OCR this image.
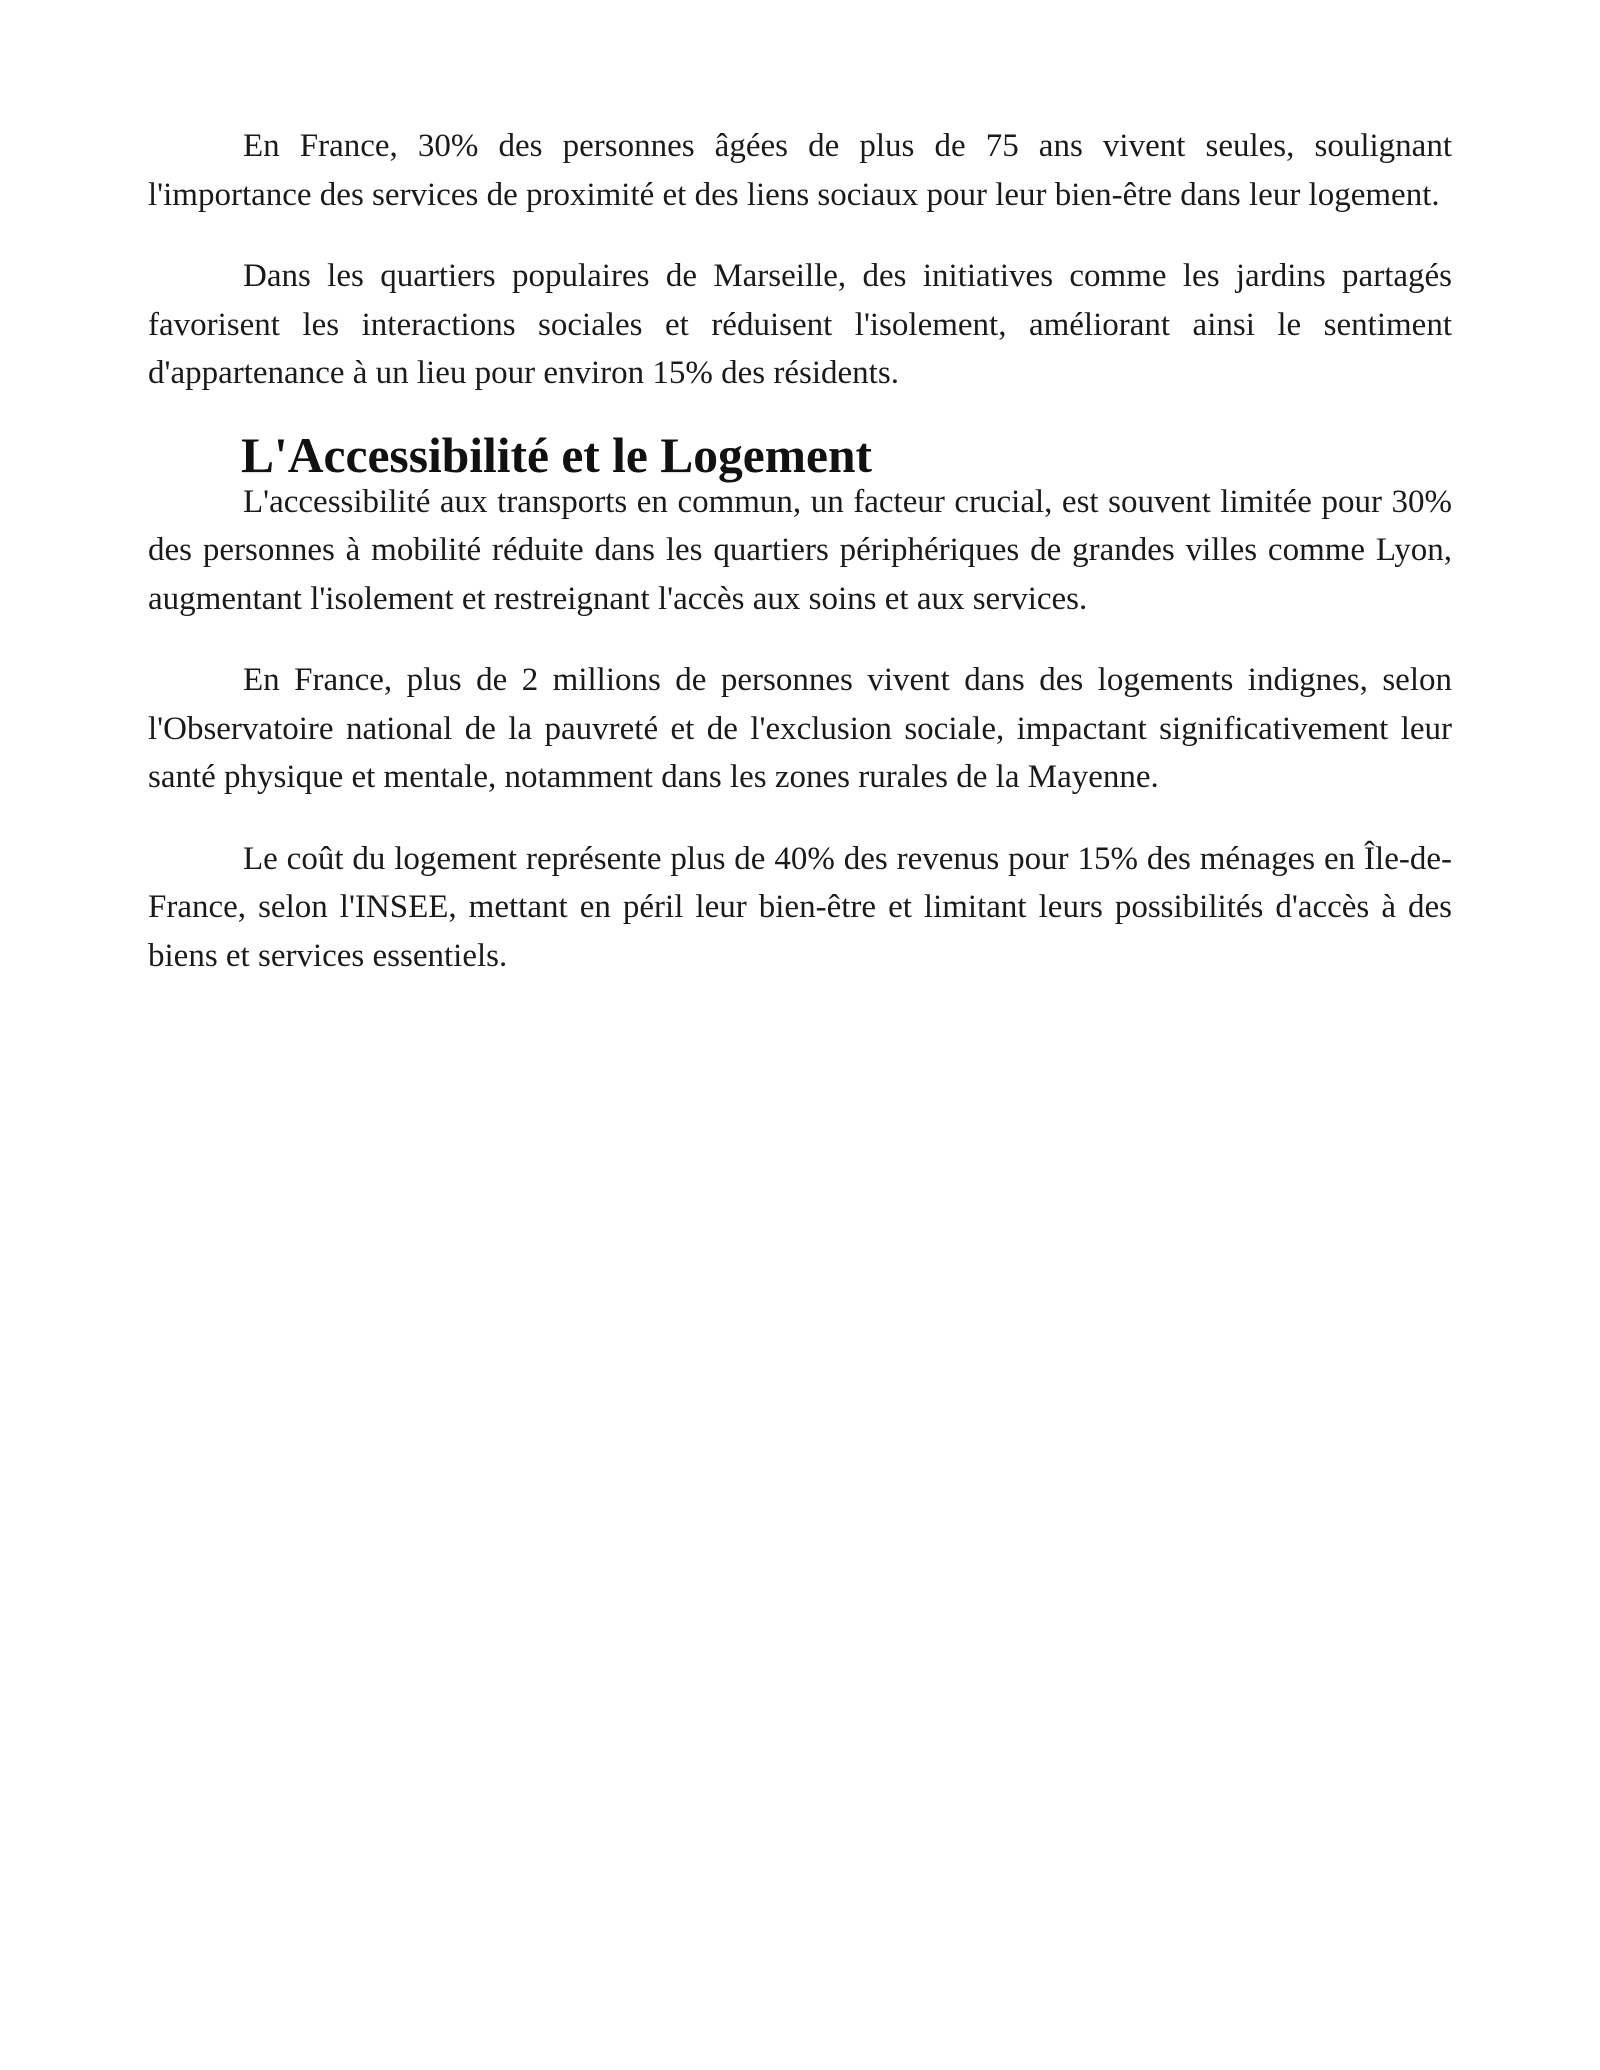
En France, 30% des personnes âgées de plus de 75 ans vivent seules, soulignant l'importance des services de proximité et des liens sociaux pour leur bien-être dans leur logement.

Dans les quartiers populaires de Marseille, des initiatives comme les jardins partagés favorisent les interactions sociales et réduisent l'isolement, améliorant ainsi le sentiment d'appartenance à un lieu pour environ 15% des résidents.

L'Accessibilité et le Logement

L'accessibilité aux transports en commun, un facteur crucial, est souvent limitée pour 30% des personnes à mobilité réduite dans les quartiers périphériques de grandes villes comme Lyon, augmentant l'isolement et restreignant l'accès aux soins et aux services.

En France, plus de 2 millions de personnes vivent dans des logements indignes, selon l'Observatoire national de la pauvreté et de l'exclusion sociale, impactant significativement leur santé physique et mentale, notamment dans les zones rurales de la Mayenne.

Le coût du logement représente plus de 40% des revenus pour 15% des ménages en Île-de-France, selon l'INSEE, mettant en péril leur bien-être et limitant leurs possibilités d'accès à des biens et services essentiels.
